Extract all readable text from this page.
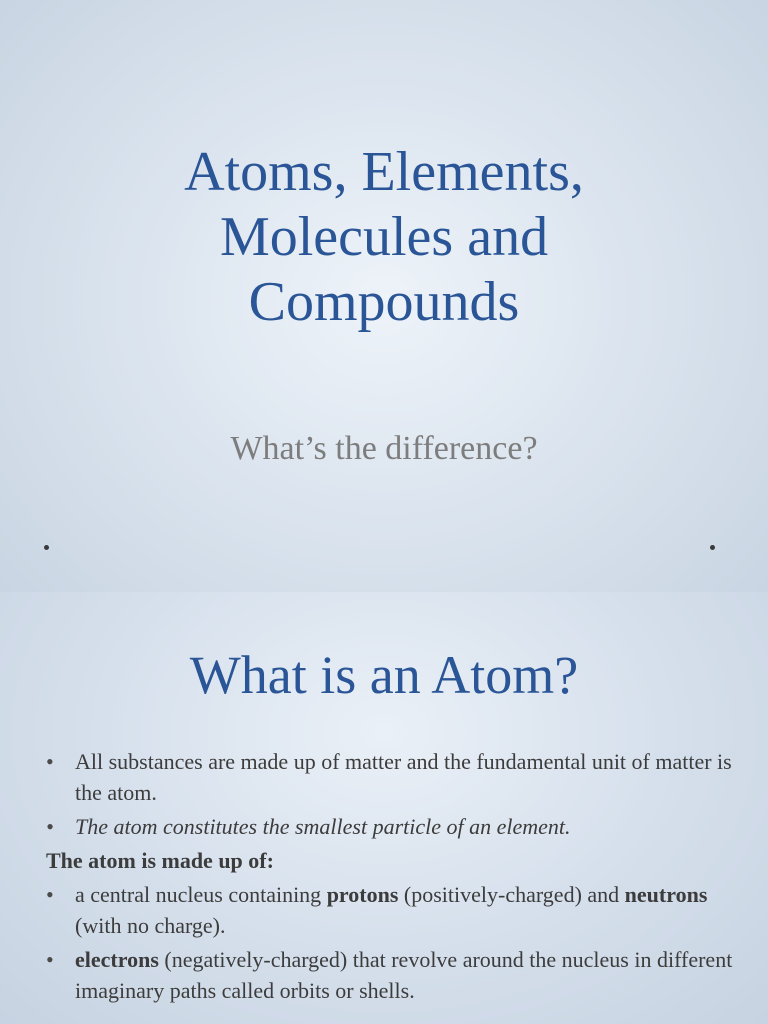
Atoms, Elements,
Molecules and
Compounds

What’s the difference?

What is an Atom?
• All substances are made up of matter and the fundamental unit of matter is the atom.
• The atom constitutes the smallest particle of an element.
The atom is made up of:
• a central nucleus containing protons (positively-charged) and neutrons (with no charge).
• electrons (negatively-charged) that revolve around the nucleus in different imaginary paths called orbits or shells.
